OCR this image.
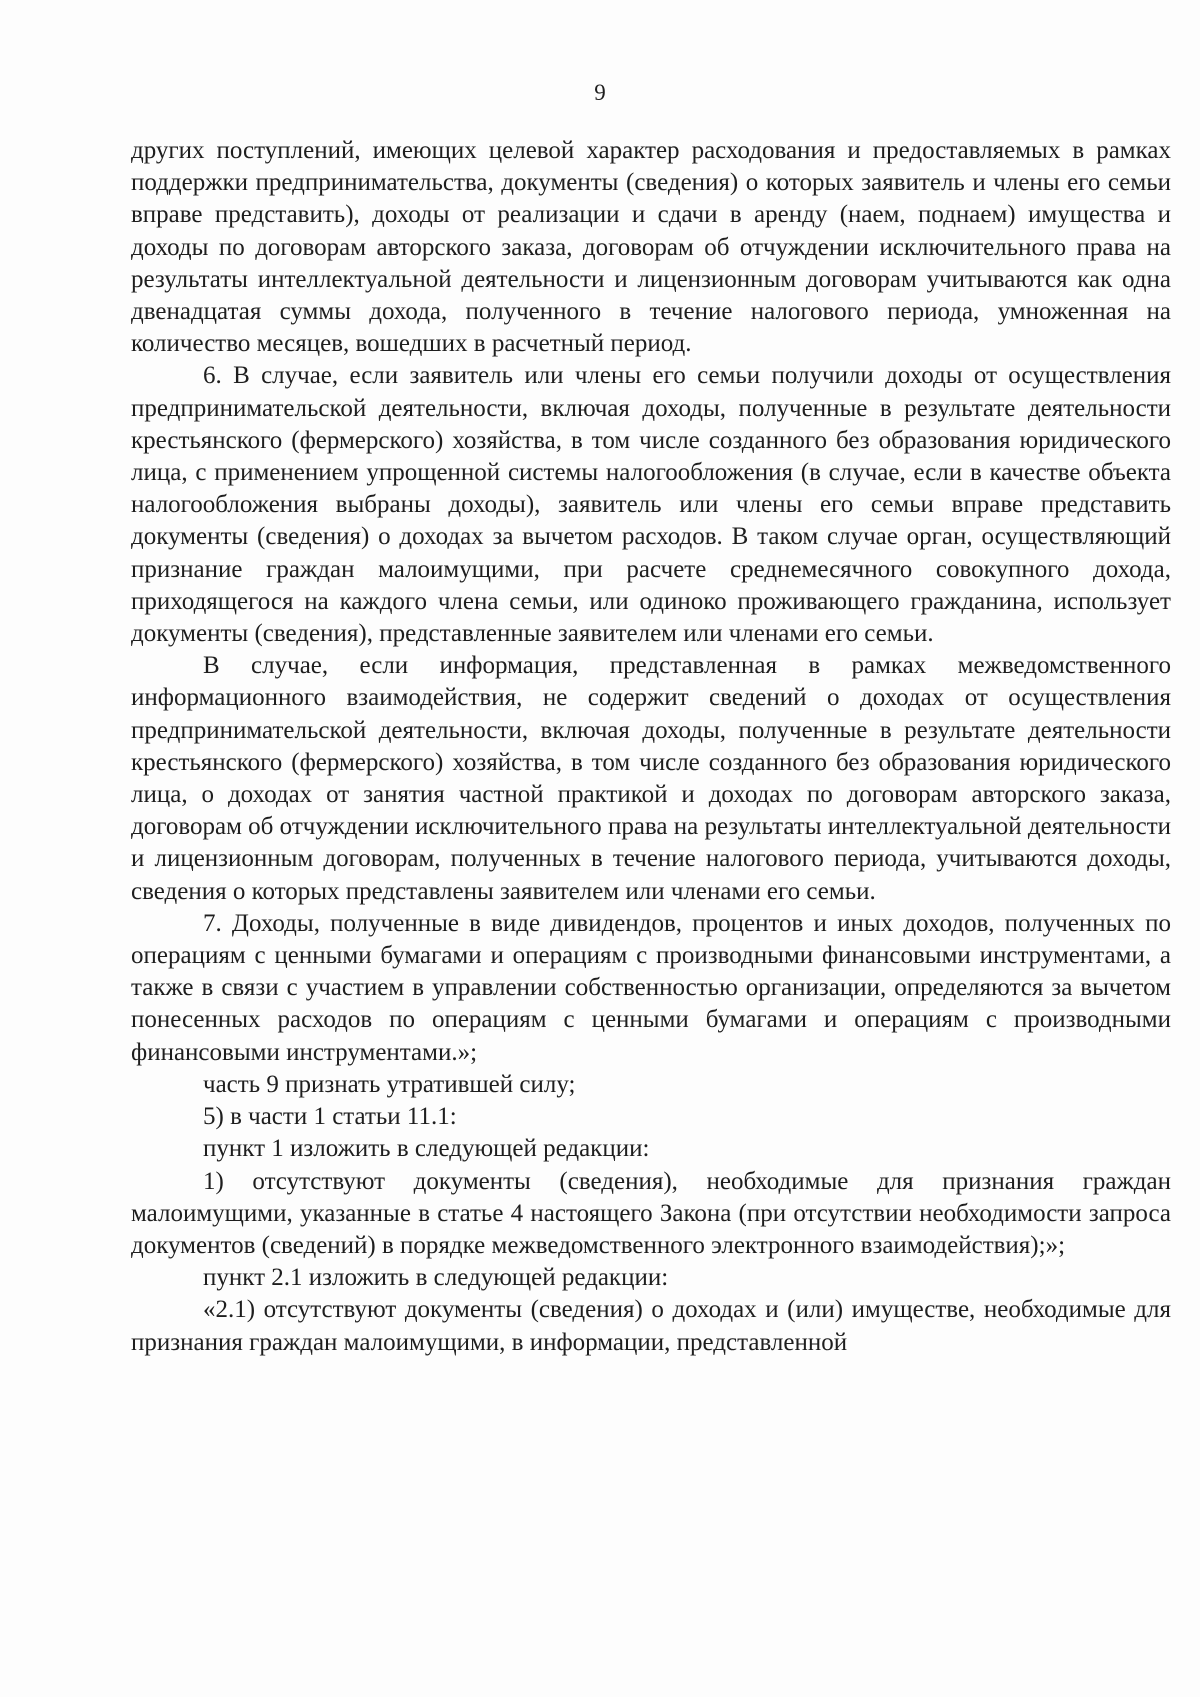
9

других поступлений, имеющих целевой характер расходования и предоставляемых в рамках поддержки предпринимательства, документы (сведения) о которых заявитель и члены его семьи вправе представить), доходы от реализации и сдачи в аренду (наем, поднаем) имущества и доходы по договорам авторского заказа, договорам об отчуждении исключительного права на результаты интеллектуальной деятельности и лицензионным договорам учитываются как одна двенадцатая суммы дохода, полученного в течение налогового периода, умноженная на количество месяцев, вошедших в расчетный период.

6. В случае, если заявитель или члены его семьи получили доходы от осуществления предпринимательской деятельности, включая доходы, полученные в результате деятельности крестьянского (фермерского) хозяйства, в том числе созданного без образования юридического лица, с применением упрощенной системы налогообложения (в случае, если в качестве объекта налогообложения выбраны доходы), заявитель или члены его семьи вправе представить документы (сведения) о доходах за вычетом расходов. В таком случае орган, осуществляющий признание граждан малоимущими, при расчете среднемесячного совокупного дохода, приходящегося на каждого члена семьи, или одиноко проживающего гражданина, использует документы (сведения), представленные заявителем или членами его семьи.

В случае, если информация, представленная в рамках межведомственного информационного взаимодействия, не содержит сведений о доходах от осуществления предпринимательской деятельности, включая доходы, полученные в результате деятельности крестьянского (фермерского) хозяйства, в том числе созданного без образования юридического лица, о доходах от занятия частной практикой и доходах по договорам авторского заказа, договорам об отчуждении исключительного права на результаты интеллектуальной деятельности и лицензионным договорам, полученных в течение налогового периода, учитываются доходы, сведения о которых представлены заявителем или членами его семьи.

7. Доходы, полученные в виде дивидендов, процентов и иных доходов, полученных по операциям с ценными бумагами и операциям с производными финансовыми инструментами, а также в связи с участием в управлении собственностью организации, определяются за вычетом понесенных расходов по операциям с ценными бумагами и операциям с производными финансовыми инструментами.»;

часть 9 признать утратившей силу;

5) в части 1 статьи 11.1:

пункт 1 изложить в следующей редакции:

1) отсутствуют документы (сведения), необходимые для признания граждан малоимущими, указанные в статье 4 настоящего Закона (при отсутствии необходимости запроса документов (сведений) в порядке межведомственного электронного взаимодействия);»;

пункт 2.1 изложить в следующей редакции:

«2.1) отсутствуют документы (сведения) о доходах и (или) имуществе, необходимые для признания граждан малоимущими, в информации, представленной
